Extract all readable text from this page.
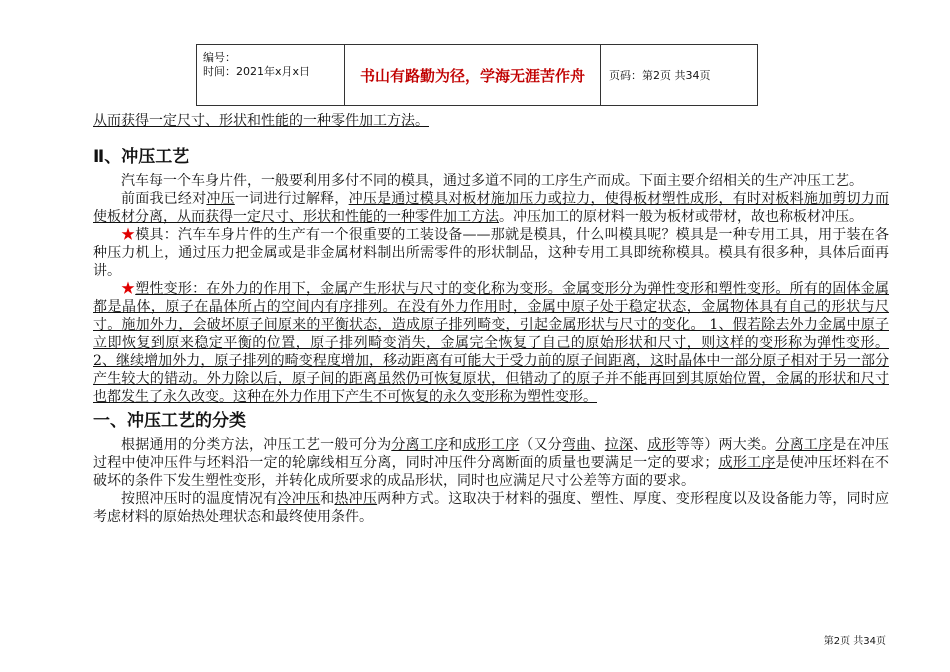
编号：
时间：2021年x月x日	书山有路勤为径，学海无涯苦作舟 页码：第2页 共34页

从而获得一定尺寸、形状和性能的一种零件加工方法。

Ⅱ、冲压工艺

汽车每一个车身片件，一般要利用多付不同的模具，通过多道不同的工序生产而成。下面主要介绍相关的生产冲压工艺。

前面我已经对冲压一词进行过解释，冲压是通过模具对板材施加压力或拉力，使得板材塑性成形，有时对板料施加剪切力而使板材分离，从而获得一定尺寸、形状和性能的一种零件加工方法。冲压加工的原材料一般为板材或带材，故也称板材冲压。

★模具：汽车车身片件的生产有一个很重要的工装设备——那就是模具，什么叫模具呢？模具是一种专用工具，用于装在各种压力机上，通过压力把金属或是非金属材料制出所需零件的形状制品，这种专用工具即统称模具。模具有很多种，具体后面再讲。

★塑性变形：在外力的作用下，金属产生形状与尺寸的变化称为变形。金属变形分为弹性变形和塑性变形。所有的固体金属都是晶体，原子在晶体所占的空间内有序排列。在没有外力作用时，金属中原子处于稳定状态，金属物体具有自己的形状与尺寸。施加外力，会破坏原子间原来的平衡状态，造成原子排列畸变，引起金属形状与尺寸的变化。 1、假若除去外力金属中原子立即恢复到原来稳定平衡的位置，原子排列畸变消失，金属完全恢复了自己的原始形状和尺寸，则这样的变形称为弹性变形。 2、继续增加外力，原子排列的畸变程度增加，移动距离有可能大于受力前的原子间距离，这时晶体中一部分原子相对于另一部分产生较大的错动。外力除以后，原子间的距离虽然仍可恢复原状，但错动了的原子并不能再回到其原始位置，金属的形状和尺寸也都发生了永久改变。这种在外力作用下产生不可恢复的永久变形称为塑性变形。

一、冲压工艺的分类

根据通用的分类方法，冲压工艺一般可分为分离工序和成形工序（又分弯曲、拉深、成形等等）两大类。分离工序是在冲压过程中使冲压件与坯料沿一定的轮廓线相互分离，同时冲压件分离断面的质量也要满足一定的要求；成形工序是使冲压坯料在不破坏的条件下发生塑性变形，并转化成所要求的成品形状，同时也应满足尺寸公差等方面的要求。

按照冲压时的温度情况有冷冲压和热冲压两种方式。这取决于材料的强度、塑性、厚度、变形程度以及设备能力等，同时应考虑材料的原始热处理状态和最终使用条件。

第2页 共34页
